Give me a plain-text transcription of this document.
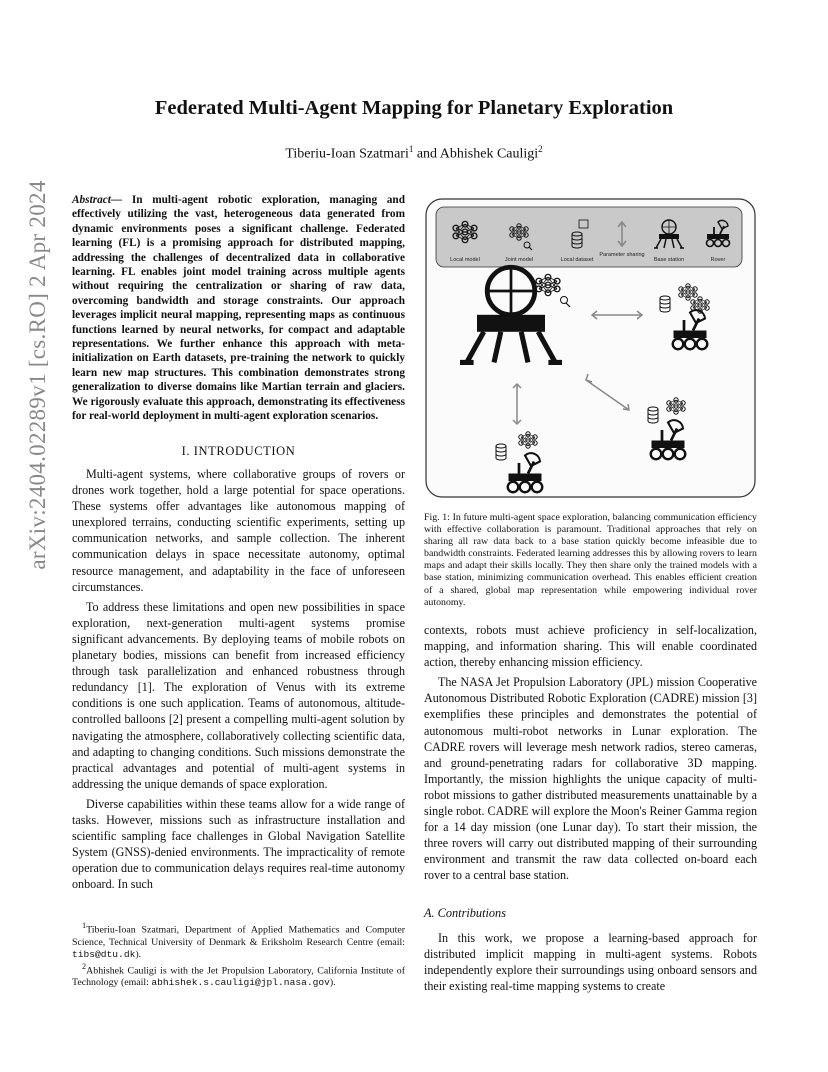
arXiv:2404.02289v1 [cs.RO] 2 Apr 2024
Federated Multi-Agent Mapping for Planetary Exploration
Tiberiu-Ioan Szatmari$^1$ and Abhishek Cauligi$^2$
Abstract— In multi-agent robotic exploration, managing and effectively utilizing the vast, heterogeneous data generated from dynamic environments poses a significant challenge. Federated learning (FL) is a promising approach for distributed mapping, addressing the challenges of decentralized data in collaborative learning. FL enables joint model training across multiple agents without requiring the centralization or sharing of raw data, overcoming bandwidth and storage constraints. Our approach leverages implicit neural mapping, representing maps as continuous functions learned by neural networks, for compact and adaptable representations. We further enhance this approach with meta-initialization on Earth datasets, pre-training the network to quickly learn new map structures. This combination demonstrates strong generalization to diverse domains like Martian terrain and glaciers. We rigorously evaluate this approach, demonstrating its effectiveness for real-world deployment in multi-agent exploration scenarios.
I. INTRODUCTION

Multi-agent systems, where collaborative groups of rovers or drones work together, hold a large potential for space operations. These systems offer advantages like autonomous mapping of unexplored terrains, conducting scientific experiments, setting up communication networks, and sample collection. The inherent communication delays in space necessitate autonomy, optimal resource management, and adaptability in the face of unforeseen circumstances.

To address these limitations and open new possibilities in space exploration, next-generation multi-agent systems promise significant advancements. By deploying teams of mobile robots on planetary bodies, missions can benefit from increased efficiency through task parallelization and enhanced robustness through redundancy [1]. The exploration of Venus with its extreme conditions is one such application. Teams of autonomous, altitude-controlled balloons [2] present a compelling multi-agent solution by navigating the atmosphere, collaboratively collecting scientific data, and adapting to changing conditions. Such missions demonstrate the practical advantages and potential of multi-agent systems in addressing the unique demands of space exploration.

Diverse capabilities within these teams allow for a wide range of tasks. However, missions such as infrastructure installation and scientific sampling face challenges in Global Navigation Satellite System (GNSS)-denied environments. The impracticality of remote operation due to communication delays requires real-time autonomy onboard. In such

$^1$Tiberiu-Ioan Szatmari, Department of Applied Mathematics and Computer Science, Technical University of Denmark & Eriksholm Research Centre (email: tibs@dtu.dk).

$^2$Abhishek Cauligi is with the Jet Propulsion Laboratory, California Institute of Technology (email: abhishek.s.cauligi@jpl.nasa.gov).

Local model	Joint model	Local dataset
Parameter sharing
Base station	Rover
Fig. 1: In future multi-agent space exploration, balancing communication efficiency with effective collaboration is paramount. Traditional approaches that rely on sharing all raw data back to a base station quickly become infeasible due to bandwidth constraints. Federated learning addresses this by allowing rovers to learn maps and adapt their skills locally. They then share only the trained models with a base station, minimizing communication overhead. This enables efficient creation of a shared, global map representation while empowering individual rover autonomy.

contexts, robots must achieve proficiency in self-localization, mapping, and information sharing. This will enable coordinated action, thereby enhancing mission efficiency.

The NASA Jet Propulsion Laboratory (JPL) mission Cooperative Autonomous Distributed Robotic Exploration (CADRE) mission [3] exemplifies these principles and demonstrates the potential of autonomous multi-robot networks in Lunar exploration. The CADRE rovers will leverage mesh network radios, stereo cameras, and ground-penetrating radars for collaborative 3D mapping. Importantly, the mission highlights the unique capacity of multi-robot missions to gather distributed measurements unattainable by a single robot. CADRE will explore the Moon's Reiner Gamma region for a 14 day mission (one Lunar day). To start their mission, the three rovers will carry out distributed mapping of their surrounding environment and transmit the raw data collected on-board each rover to a central base station.

A. Contributions

In this work, we propose a learning-based approach for distributed implicit mapping in multi-agent systems. Robots independently explore their surroundings using onboard sensors and their existing real-time mapping systems to create
